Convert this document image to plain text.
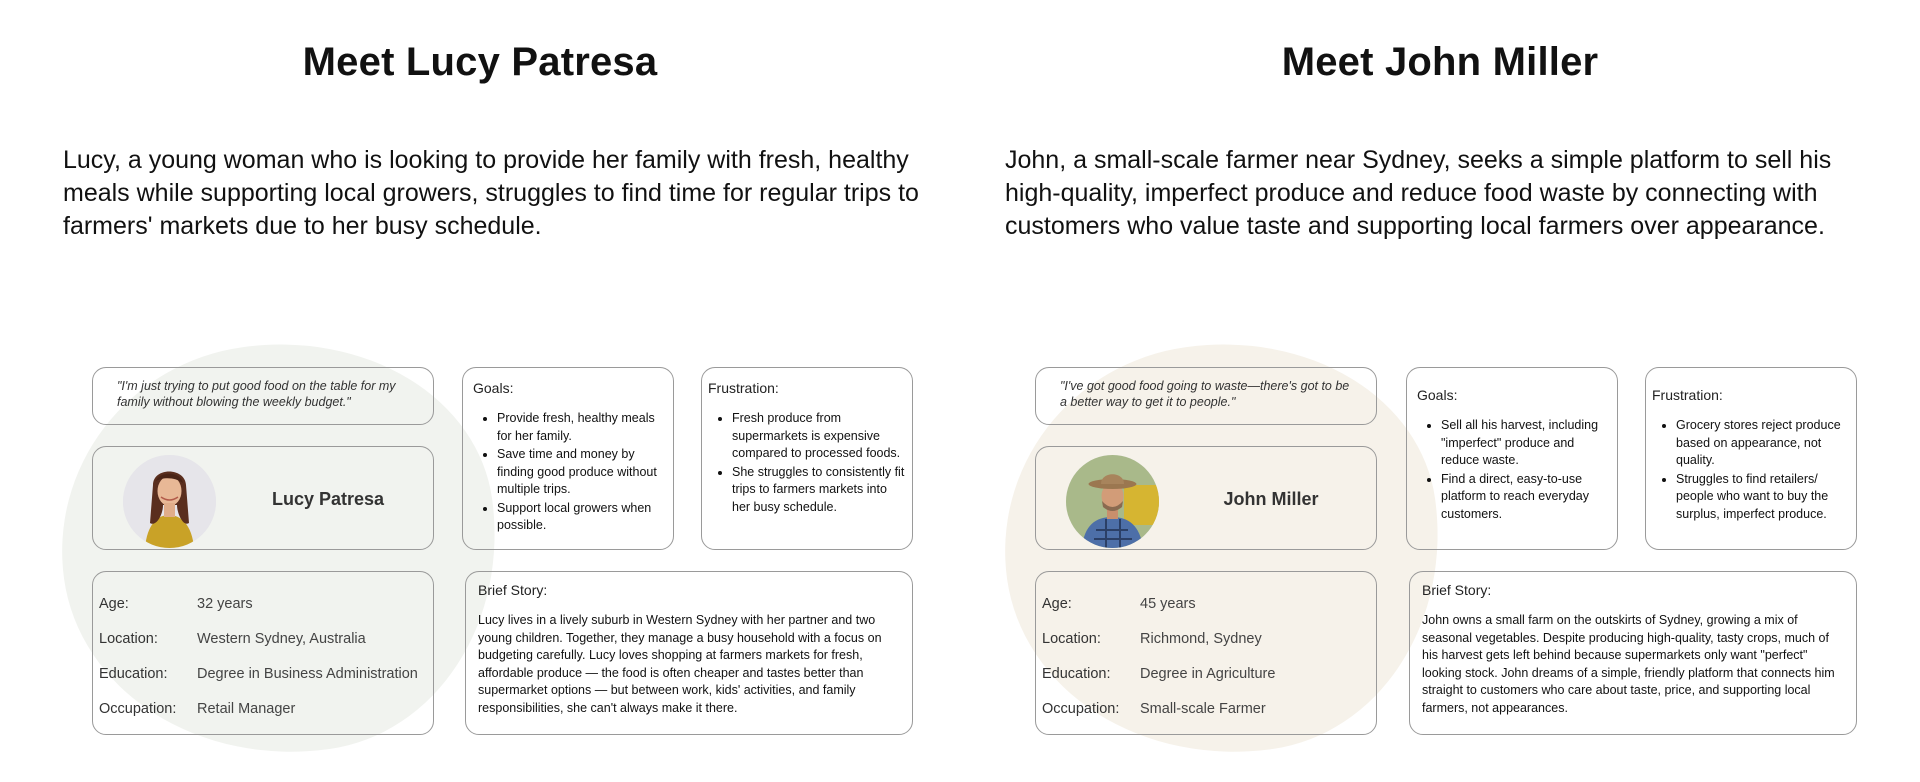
Meet Lucy Patresa

Lucy, a young woman who is looking to provide her family with fresh, healthy meals while supporting local growers, struggles to find time for regular trips to farmers' markets due to her busy schedule.

"I'm just trying to put good food on the table for my family without blowing the weekly budget."

Lucy Patresa

Goals:

• Provide fresh, healthy meals for her family.
• Save time and money by finding good produce without multiple trips.
• Support local growers when possible.

Frustration:

• Fresh produce from supermarkets is expensive compared to processed foods.
• She struggles to consistently fit trips to farmers markets into her busy schedule.
Age:	32 years
Location:	Western Sydney, Australia
Education:	Degree in Business Administration
Occupation:	Retail Manager

Brief Story:

Lucy lives in a lively suburb in Western Sydney with her partner and two young children. Together, they manage a busy household with a focus on budgeting carefully. Lucy loves shopping at farmers markets for fresh, affordable produce — the food is often cheaper and tastes better than supermarket options — but between work, kids' activities, and family responsibilities, she can't always make it there.

Meet John Miller

John, a small-scale farmer near Sydney, seeks a simple platform to sell his high-quality, imperfect produce and reduce food waste by connecting with customers who value taste and supporting local farmers over appearance.

"I've got good food going to waste—there's got to be a better way to get it to people."

John Miller

Goals:

• Sell all his harvest, including "imperfect" produce and reduce waste.
• Find a direct, easy-to-use platform to reach everyday customers.

Frustration:

• Grocery stores reject produce based on appearance, not quality.
• Struggles to find retailers/ people who want to buy the surplus, imperfect produce.
Age:	45 years
Location:	Richmond, Sydney
Education:	Degree in Agriculture
Occupation:	Small-scale Farmer

Brief Story:

John owns a small farm on the outskirts of Sydney, growing a mix of seasonal vegetables. Despite producing high-quality, tasty crops, much of his harvest gets left behind because supermarkets only want "perfect" looking stock. John dreams of a simple, friendly platform that connects him straight to customers who care about taste, price, and supporting local farmers, not appearances.
